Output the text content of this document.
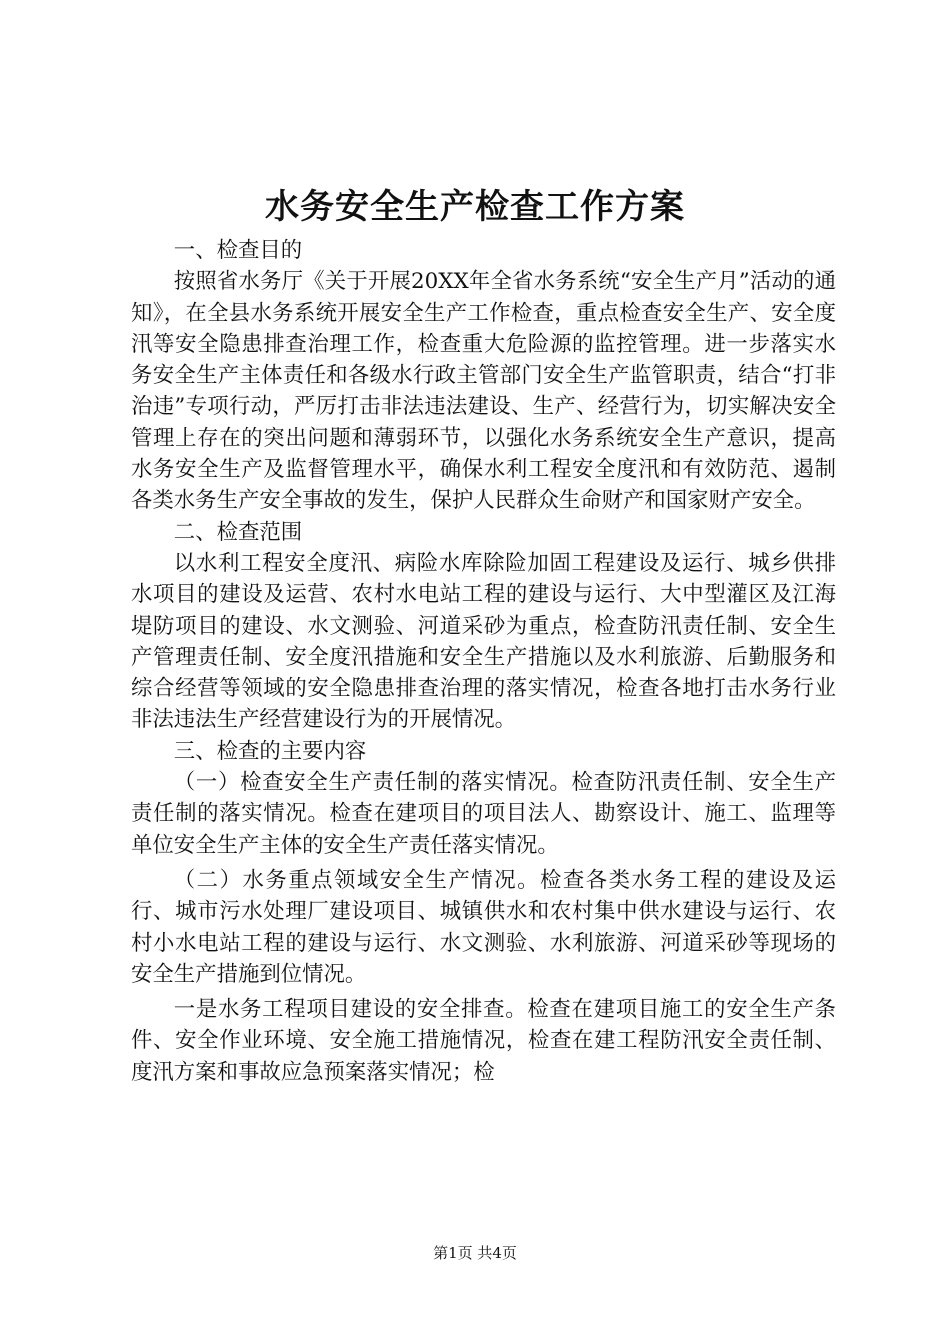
水务安全生产检查工作方案

一、检查目的

按照省水务厅《关于开展20XX年全省水务系统“安全生产月”活动的通知》，在全县水务系统开展安全生产工作检查，重点检查安全生产、安全度汛等安全隐患排查治理工作，检查重大危险源的监控管理。进一步落实水务安全生产主体责任和各级水行政主管部门安全生产监管职责，结合“打非治违”专项行动，严厉打击非法违法建设、生产、经营行为，切实解决安全管理上存在的突出问题和薄弱环节，以强化水务系统安全生产意识，提高水务安全生产及监督管理水平，确保水利工程安全度汛和有效防范、遏制各类水务生产安全事故的发生，保护人民群众生命财产和国家财产安全。

二、检查范围

以水利工程安全度汛、病险水库除险加固工程建设及运行、城乡供排水项目的建设及运营、农村水电站工程的建设与运行、大中型灌区及江海堤防项目的建设、水文测验、河道采砂为重点，检查防汛责任制、安全生产管理责任制、安全度汛措施和安全生产措施以及水利旅游、后勤服务和综合经营等领域的安全隐患排查治理的落实情况，检查各地打击水务行业非法违法生产经营建设行为的开展情况。

三、检查的主要内容

（一）检查安全生产责任制的落实情况。检查防汛责任制、安全生产责任制的落实情况。检查在建项目的项目法人、勘察设计、施工、监理等单位安全生产主体的安全生产责任落实情况。

（二）水务重点领域安全生产情况。检查各类水务工程的建设及运行、城市污水处理厂建设项目、城镇供水和农村集中供水建设与运行、农村小水电站工程的建设与运行、水文测验、水利旅游、河道采砂等现场的安全生产措施到位情况。

一是水务工程项目建设的安全排查。检查在建项目施工的安全生产条件、安全作业环境、安全施工措施情况，检查在建工程防汛安全责任制、度汛方案和事故应急预案落实情况；检

第1页 共4页
